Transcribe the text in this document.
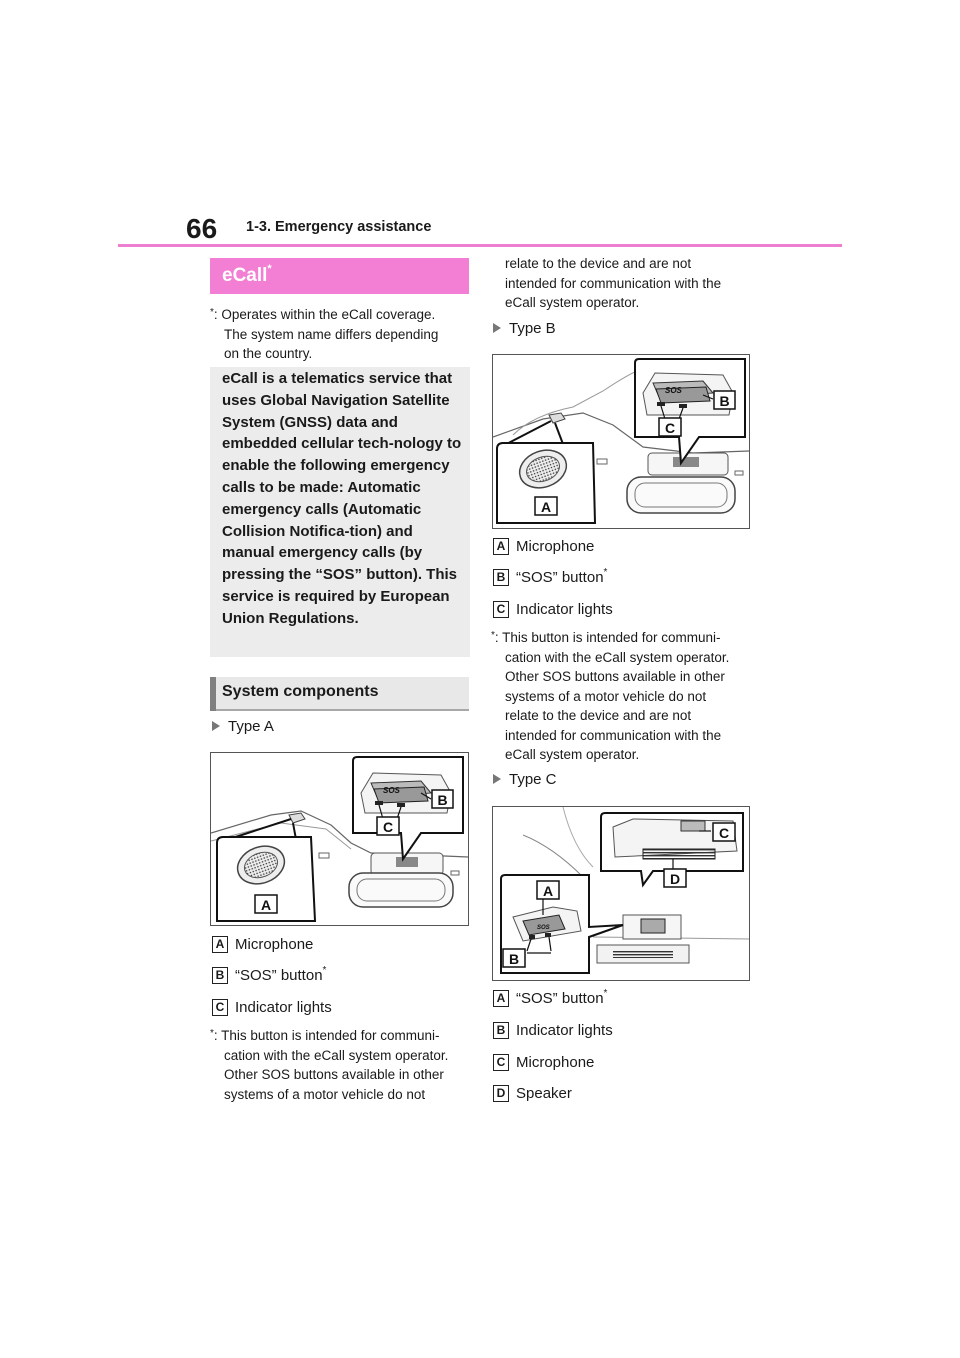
66 1-3. Emergency assistance
eCall*
*: Operates within the eCall coverage.
The system name differs depending
on the country.

eCall is a telematics service that uses Global Navigation Satellite System (GNSS) data and embedded cellular tech-nology to enable the following emergency calls to be made: Automatic emergency calls (Automatic Collision Notifica-tion) and manual emergency calls (by pressing the “SOS” button). This service is required by European Union Regulations.

System components
Type A
SOS
B
C
A
A Microphone
B “SOS” button*
C Indicator lights
*: This button is intended for communi-
cation with the eCall system operator.
Other SOS buttons available in other
systems of a motor vehicle do not
relate to the device and are not
intended for communication with the
eCall system operator.
Type B
SOS
B
C
A
A Microphone
B “SOS” button*
C Indicator lights
*: This button is intended for communi-
cation with the eCall system operator.
Other SOS buttons available in other
systems of a motor vehicle do not
relate to the device and are not
intended for communication with the
eCall system operator.
Type C
SOS
C
D
A
B
A “SOS” button*
B Indicator lights
C Microphone
D Speaker
